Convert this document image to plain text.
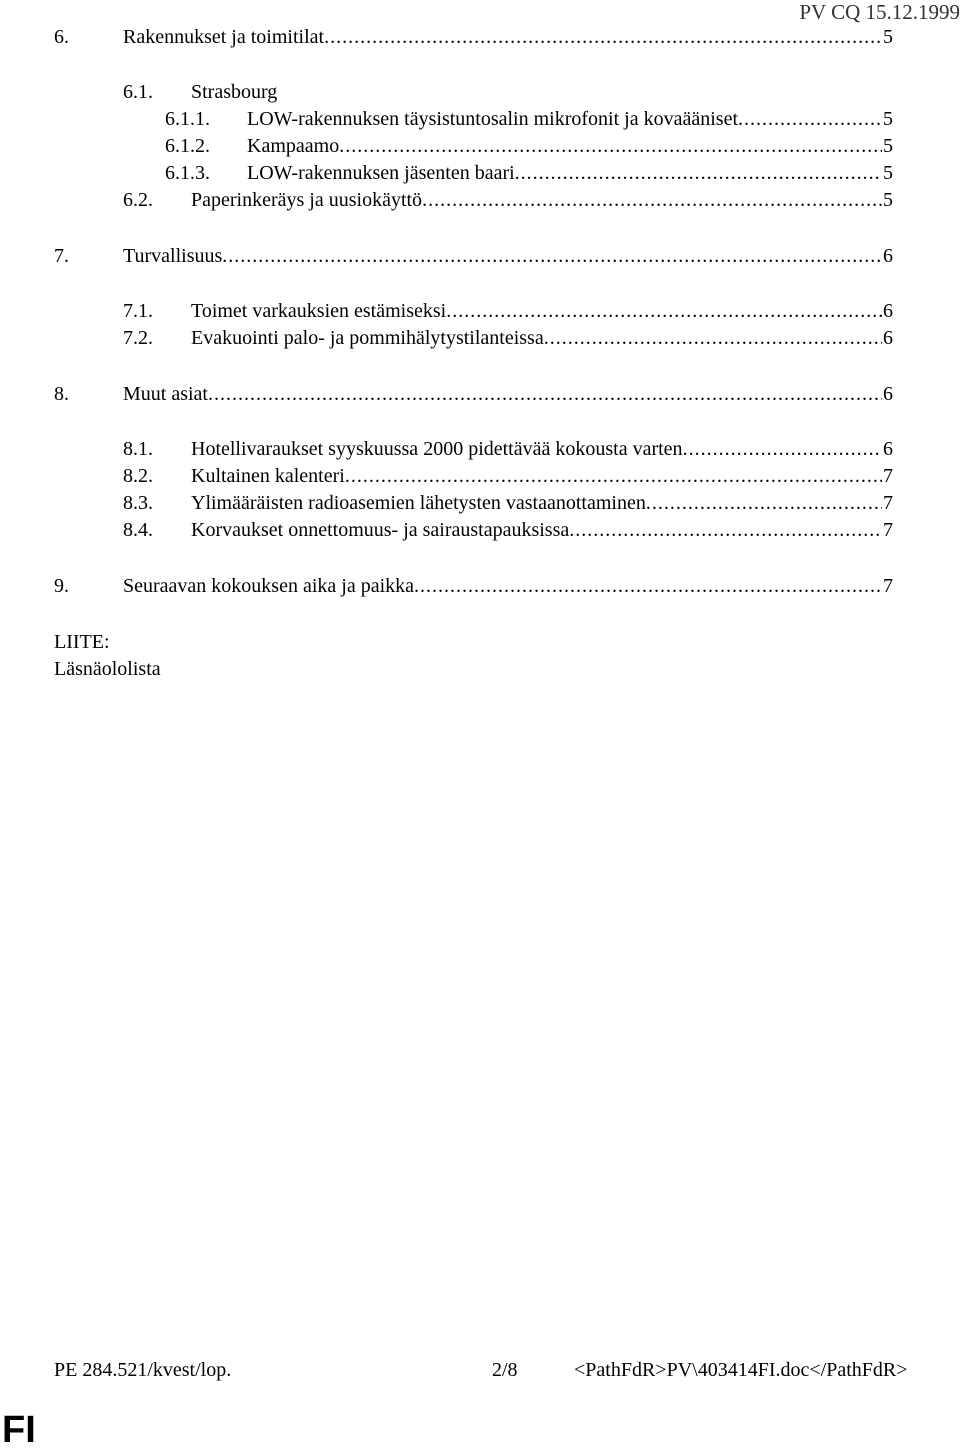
PV CQ 15.12.1999
6.	Rakennukset ja toimitilat .....	5
6.1. Strasbourg
6.1.1. LOW-rakennuksen täysistuntosalin mikrofonit ja kovaääniset .....	5
6.1.2. Kampaamo .....	5
6.1.3. LOW-rakennuksen jäsenten baari .....	5
6.2. Paperinkeräys ja uusiokäyttö .....	5
7.	Turvallisuus .....	6
7.1. Toimet varkauksien estämiseksi .....	6
7.2. Evakuointi palo- ja pommihälytystilanteissa .....	6
8.	Muut asiat .....	6
8.1. Hotellivaraukset syyskuussa 2000 pidettävää kokousta varten .....	6
8.2. Kultainen kalenteri .....	7
8.3. Ylimääräisten radioasemien lähetysten vastaanottaminen .....	7
8.4. Korvaukset onnettomuus- ja sairaustapauksissa .....	7
9.	Seuraavan kokouksen aika ja paikka .....	7
LIITE:
Läsnäololista
PE 284.521/kvest/lop.	2/8	<PathFdR>PV\403414FI.doc</PathFdR>
FI
